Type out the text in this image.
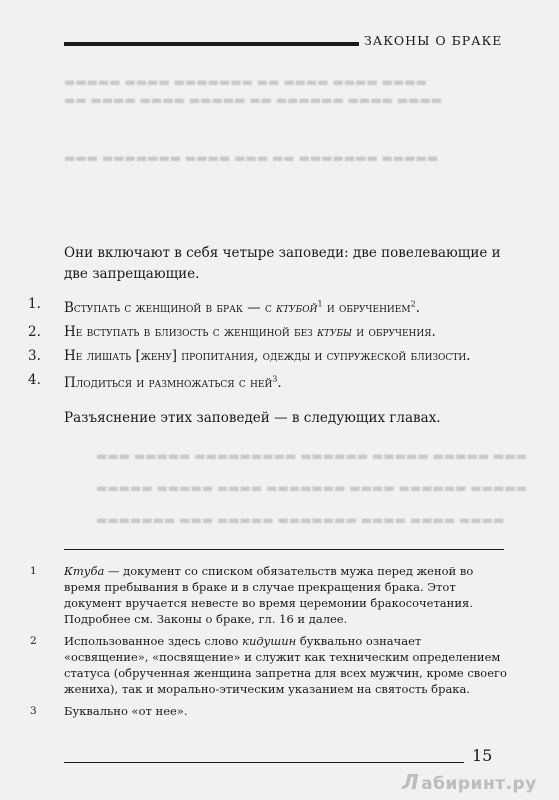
▬▬▬▬▬ ▬▬▬▬ ▬▬▬▬▬▬▬ ▬▬ ▬▬▬▬ ▬▬▬▬ ▬▬▬▬
▬▬ ▬▬▬▬ ▬▬▬▬ ▬▬▬▬▬ ▬▬ ▬▬▬▬▬▬ ▬▬▬▬ ▬▬▬▬
▬▬▬ ▬▬▬▬▬▬▬ ▬▬▬▬ ▬▬▬ ▬▬ ▬▬▬▬▬▬▬ ▬▬▬▬▬
ЗАКОНЫ О БРАКЕ
Они включают в себя четыре заповеди: две повелевающие и две запрещающие.
1.	Вступать с женщиной в брак — с ктубой$^1$ и обручением$^2$.
2.	Не вступать в близость с женщиной без ктубы и обручения.
3.	Не лишать [жену] пропитания, одежды и супружеской близости.
4.	Плодиться и размножаться с ней$^3$.
Разъяснение этих заповедей — в следующих главах.
▬▬▬ ▬▬▬▬▬ ▬▬▬▬▬▬▬▬▬ ▬▬▬▬▬▬ ▬▬▬▬▬ ▬▬▬▬▬ ▬▬▬
▬▬▬▬▬ ▬▬▬▬▬ ▬▬▬▬ ▬▬▬▬▬▬▬ ▬▬▬▬ ▬▬▬▬▬▬ ▬▬▬▬▬
▬▬▬▬▬▬▬ ▬▬▬ ▬▬▬▬▬ ▬▬▬▬▬▬▬ ▬▬▬▬ ▬▬▬▬ ▬▬▬▬
1 Ктуба — документ со списком обязательств мужа перед женой во время пребывания в браке и в случае прекращения брака. Этот документ вручается невесте во время церемонии бракосочетания. Подробнее см. Законы о браке, гл. 16 и далее.
2 Использованное здесь слово кидушин буквально означает «освящение», «посвящение» и служит как техническим определением статуса (обрученная женщина запретна для всех мужчин, кроме своего жениха), так и морально-этическим указанием на святость брака.
3 Буквально «от нее».
15
Л абиринт.ру
